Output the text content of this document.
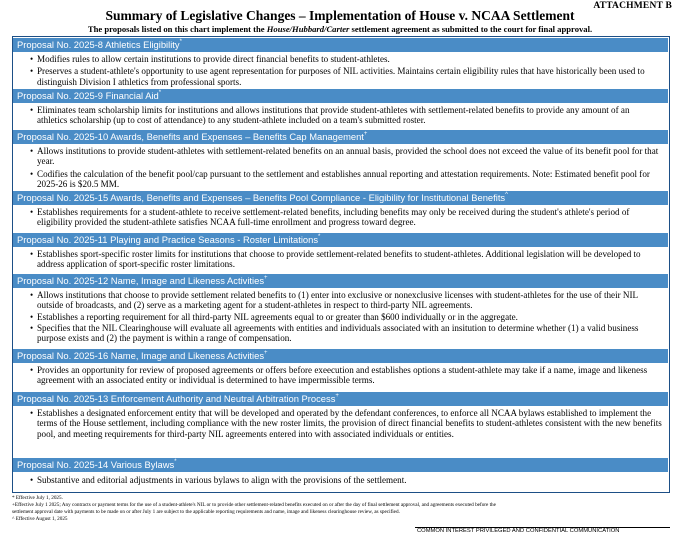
ATTACHMENT B
Summary of Legislative Changes – Implementation of House v. NCAA Settlement
The proposals listed on this chart implement the House/Hubbard/Carter settlement agreement as submitted to the court for final approval.
Proposal No. 2025-8 Athletics Eligibility*
• Modifies rules to allow certain institutions to provide direct financial benefits to student-athletes.
• Preserves a student-athlete's opportunity to use agent representation for purposes of NIL activities. Maintains certain eligibility rules that have historically been used to distinguish Division I athletics from professional sports.
Proposal No. 2025-9 Financial Aid*
• Eliminates team scholarship limits for institutions and allows institutions that provide student-athletes with settlement-related benefits to provide any amount of an athletics scholarship (up to cost of attendance) to any student-athlete included on a team's submitted roster.
Proposal No. 2025-10 Awards, Benefits and Expenses – Benefits Cap Management+
• Allows institutions to provide student-athletes with settlement-related benefits on an annual basis, provided the school does not exceed the value of its benefit pool for that year.
• Codifies the calculation of the benefit pool/cap pursuant to the settlement and establishes annual reporting and attestation requirements. Note: Estimated benefit pool for 2025-26 is $20.5 MM.
Proposal No. 2025-15 Awards, Benefits and Expenses – Benefits Pool Compliance - Eligibility for Institutional Benefits^
• Establishes requirements for a student-athlete to receive settlement-related benefits, including benefits may only be received during the student's athlete's period of eligibility provided the student-athlete satisfies NCAA full-time enrollment and progress toward degree.
Proposal No. 2025-11 Playing and Practice Seasons - Roster Limitations*
• Establishes sport-specific roster limits for institutions that choose to provide settlement-related benefits to student-athletes. Additional legislation will be developed to address application of sport-specific roster limitations.
Proposal No. 2025-12 Name, Image and Likeness Activities+
• Allows institutions that choose to provide settlement related benefits to (1) enter into exclusive or nonexclusive licenses with student-athletes for the use of their NIL outside of broadcasts, and (2) serve as a marketing agent for a student-athletes in respect to third-party NIL agreements.
• Establishes a reporting requirement for all third-party NIL agreements equal to or greater than $600 individually or in the aggregate.
• Specifies that the NIL Clearinghouse will evaluate all agreements with entities and individuals associated with an insitution to determine whether (1) a valid business purpose exists and (2) the payment is within a range of compensation.
Proposal No. 2025-16 Name, Image and Likeness Activities+
• Provides an opportunity for review of proposed agreements or offers before exeecution and establishes options a student-athlete may take if a name, image and likeness agreement with an associated entity or individual is determined to have impermissible terms.
Proposal No. 2025-13 Enforcement Authority and Neutral Arbitration Process+
• Establishes a designated enforcement entity that will be developed and operated by the defendant conferences, to enforce all NCAA bylaws established to implement the terms of the House settlement, including compliance with the new roster limits, the provision of direct financial benefits to student-athletes consistent with the new benefits pool, and meeting requirements for third-party NIL agreements entered into with associated individuals or entities.
Proposal No. 2025-14 Various Bylaws*
• Substantive and editorial adjustments in various bylaws to align with the provisions of the settlement.
* Effective July 1, 2025.
+Effective July 1 2025; Any contracts or payment terms for the use of a student-athlete's NIL or to provide other settlement-related benefits executed on or after the day of final settlement approval, and agreements executed before the
settlement approval date with payments to be made on or after July 1 are subject to the applicable reporting requirements and name, image and likeness clearinghouse review, as specified.
^ Effective August 1, 2025
COMMON INTEREST PRIVILEGED AND CONFIDENTIAL COMMUNICATION
